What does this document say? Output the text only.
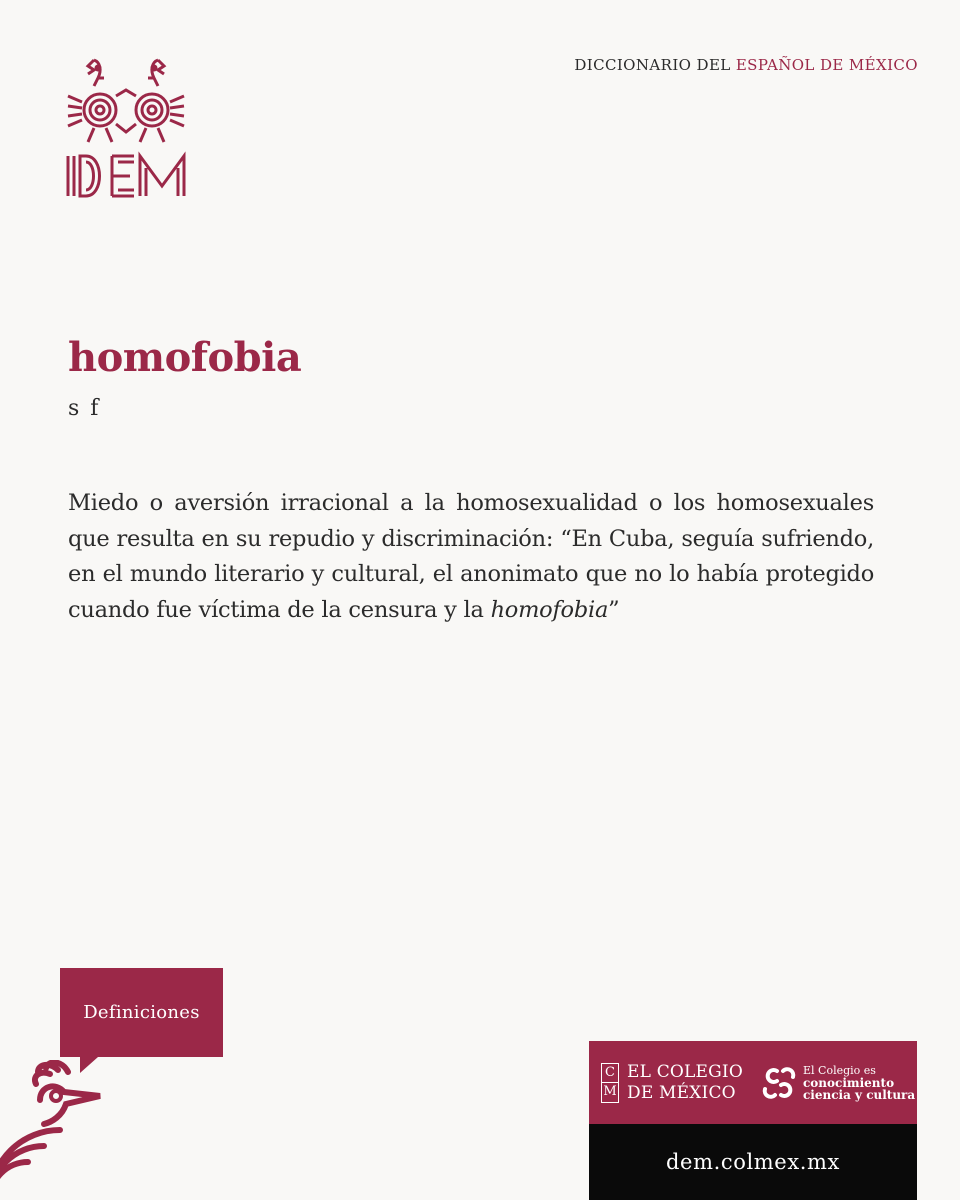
DICCIONARIO DEL ESPAÑOL DE MÉXICO
homofobia
s f

Miedo o aversión irracional a la homosexualidad o los homosexuales que resulta en su repudio y discriminación: “En Cuba, seguía sufriendo, en el mundo literario y cultural, el anonimato que no lo había protegido cuando fue víctima de la censura y la homofobia”

Definiciones
C
M
EL COLEGIO
DE MÉXICO
El Colegio es
conocimiento
ciencia y cultura
dem.colmex.mx
